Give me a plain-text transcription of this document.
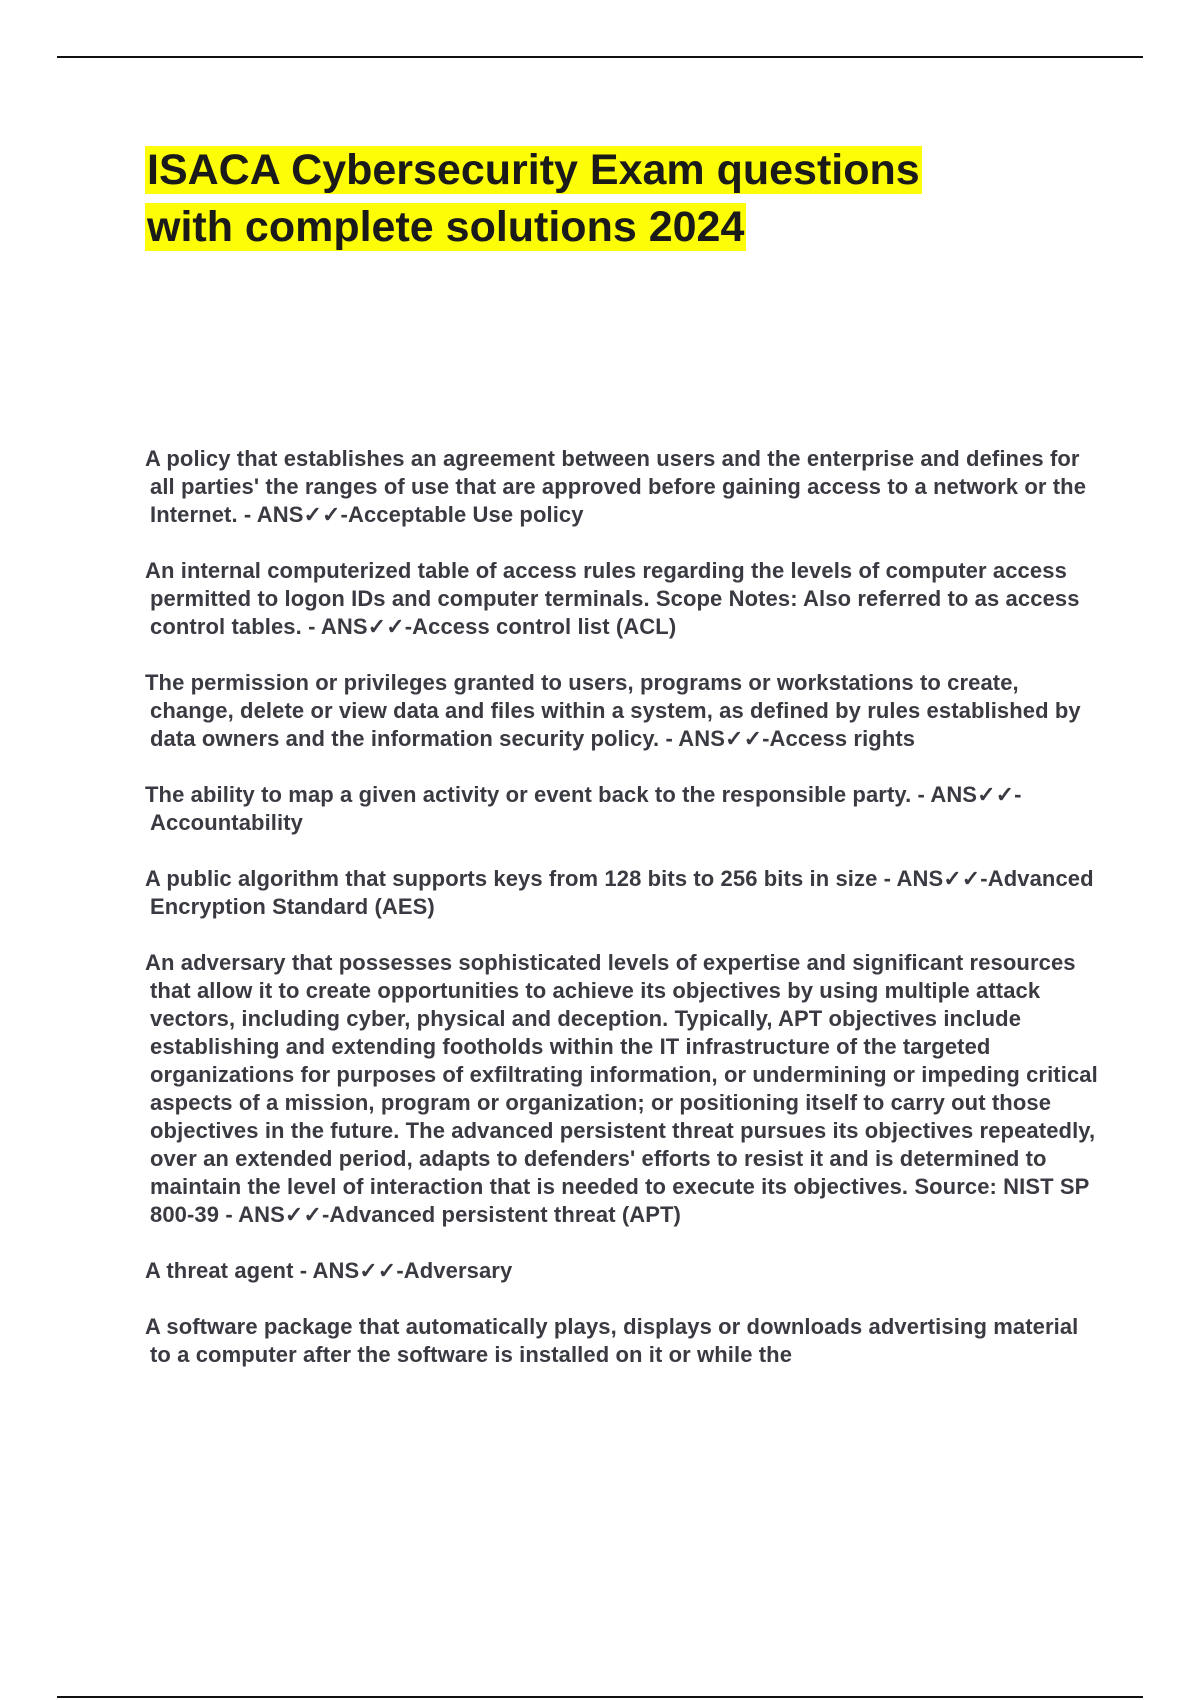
ISACA Cybersecurity Exam questions
with complete solutions 2024

A policy that establishes an agreement between users and the enterprise and defines for all parties' the ranges of use that are approved before gaining access to a network or the Internet. - ANS✓✓-Acceptable Use policy

An internal computerized table of access rules regarding the levels of computer access permitted to logon IDs and computer terminals. Scope Notes: Also referred to as access control tables. - ANS✓✓-Access control list (ACL)

The permission or privileges granted to users, programs or workstations to create, change, delete or view data and files within a system, as defined by rules established by data owners and the information security policy. - ANS✓✓-Access rights

The ability to map a given activity or event back to the responsible party. - ANS✓✓-Accountability

A public algorithm that supports keys from 128 bits to 256 bits in size - ANS✓✓-Advanced Encryption Standard (AES)

An adversary that possesses sophisticated levels of expertise and significant resources that allow it to create opportunities to achieve its objectives by using multiple attack vectors, including cyber, physical and deception. Typically, APT objectives include establishing and extending footholds within the IT infrastructure of the targeted organizations for purposes of exfiltrating information, or undermining or impeding critical aspects of a mission, program or organization; or positioning itself to carry out those objectives in the future. The advanced persistent threat pursues its objectives repeatedly, over an extended period, adapts to defenders' efforts to resist it and is determined to maintain the level of interaction that is needed to execute its objectives. Source: NIST SP 800-39 - ANS✓✓-Advanced persistent threat (APT)

A threat agent - ANS✓✓-Adversary

A software package that automatically plays, displays or downloads advertising material to a computer after the software is installed on it or while the
